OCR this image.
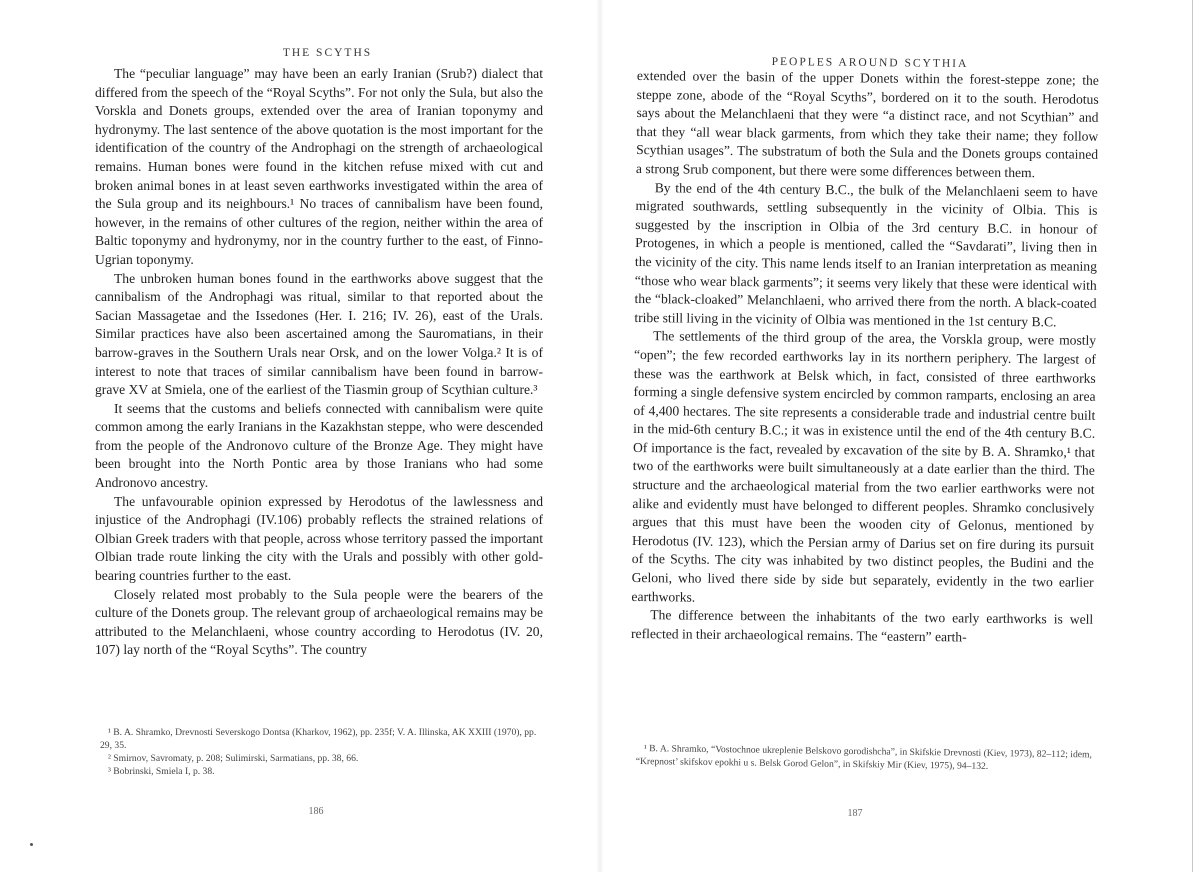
THE SCYTHS

The “peculiar language” may have been an early Iranian (Srub?) dialect that differed from the speech of the “Royal Scyths”. For not only the Sula, but also the Vorskla and Donets groups, extended over the area of Iranian toponymy and hydronymy. The last sentence of the above quotation is the most important for the identification of the country of the Androphagi on the strength of archaeological remains. Human bones were found in the kitchen refuse mixed with cut and broken animal bones in at least seven earthworks investigated within the area of the Sula group and its neighbours.¹ No traces of cannibalism have been found, however, in the remains of other cultures of the region, neither within the area of Baltic toponymy and hydronymy, nor in the country further to the east, of Finno-Ugrian toponymy.

The unbroken human bones found in the earthworks above suggest that the cannibalism of the Androphagi was ritual, similar to that reported about the Sacian Massagetae and the Issedones (Her. I. 216; IV. 26), east of the Urals. Similar practices have also been ascertained among the Sauromatians, in their barrow-graves in the Southern Urals near Orsk, and on the lower Volga.² It is of interest to note that traces of similar cannibalism have been found in barrow-grave XV at Smiela, one of the earliest of the Tiasmin group of Scythian culture.³

It seems that the customs and beliefs connected with cannibalism were quite common among the early Iranians in the Kazakhstan steppe, who were descended from the people of the Andronovo culture of the Bronze Age. They might have been brought into the North Pontic area by those Iranians who had some Andronovo ancestry.

The unfavourable opinion expressed by Herodotus of the lawlessness and injustice of the Androphagi (IV.106) probably reflects the strained relations of Olbian Greek traders with that people, across whose territory passed the important Olbian trade route linking the city with the Urals and possibly with other gold-bearing countries further to the east.

Closely related most probably to the Sula people were the bearers of the culture of the Donets group. The relevant group of archaeological remains may be attributed to the Melanchlaeni, whose country according to Herodotus (IV. 20, 107) lay north of the “Royal Scyths”. The country

¹ B. A. Shramko, Drevnosti Severskogo Dontsa (Kharkov, 1962), pp. 235f; V. A. Illinska, AK XXIII (1970), pp. 29, 35.
² Smirnov, Savromaty, p. 208; Sulimirski, Sarmatians, pp. 38, 66.
³ Bobrinski, Smiela I, p. 38.
186
PEOPLES AROUND SCYTHIA

extended over the basin of the upper Donets within the forest-steppe zone; the steppe zone, abode of the “Royal Scyths”, bordered on it to the south. Herodotus says about the Melanchlaeni that they were “a distinct race, and not Scythian” and that they “all wear black garments, from which they take their name; they follow Scythian usages”. The substratum of both the Sula and the Donets groups contained a strong Srub component, but there were some differences between them.

By the end of the 4th century B.C., the bulk of the Melanchlaeni seem to have migrated southwards, settling subsequently in the vicinity of Olbia. This is suggested by the inscription in Olbia of the 3rd century B.C. in honour of Protogenes, in which a people is mentioned, called the “Savdarati”, living then in the vicinity of the city. This name lends itself to an Iranian interpretation as meaning “those who wear black garments”; it seems very likely that these were identical with the “black-cloaked” Melanchlaeni, who arrived there from the north. A black-coated tribe still living in the vicinity of Olbia was mentioned in the 1st century B.C.

The settlements of the third group of the area, the Vorskla group, were mostly “open”; the few recorded earthworks lay in its northern periphery. The largest of these was the earthwork at Belsk which, in fact, consisted of three earthworks forming a single defensive system encircled by common ramparts, enclosing an area of 4,400 hectares. The site represents a considerable trade and industrial centre built in the mid-6th century B.C.; it was in existence until the end of the 4th century B.C. Of importance is the fact, revealed by excavation of the site by B. A. Shramko,¹ that two of the earthworks were built simultaneously at a date earlier than the third. The structure and the archaeological material from the two earlier earthworks were not alike and evidently must have belonged to different peoples. Shramko conclusively argues that this must have been the wooden city of Gelonus, mentioned by Herodotus (IV. 123), which the Persian army of Darius set on fire during its pursuit of the Scyths. The city was inhabited by two distinct peoples, the Budini and the Geloni, who lived there side by side but separately, evidently in the two earlier earthworks.

The difference between the inhabitants of the two early earthworks is well reflected in their archaeological remains. The “eastern” earth-

¹ B. A. Shramko, “Vostochnoe ukreplenie Belskovo gorodishcha”, in Skifskie Drevnosti (Kiev, 1973), 82–112; idem, “Krepnost’ skifskov epokhi u s. Belsk Gorod Gelon”, in Skifskiy Mir (Kiev, 1975), 94–132.
187
